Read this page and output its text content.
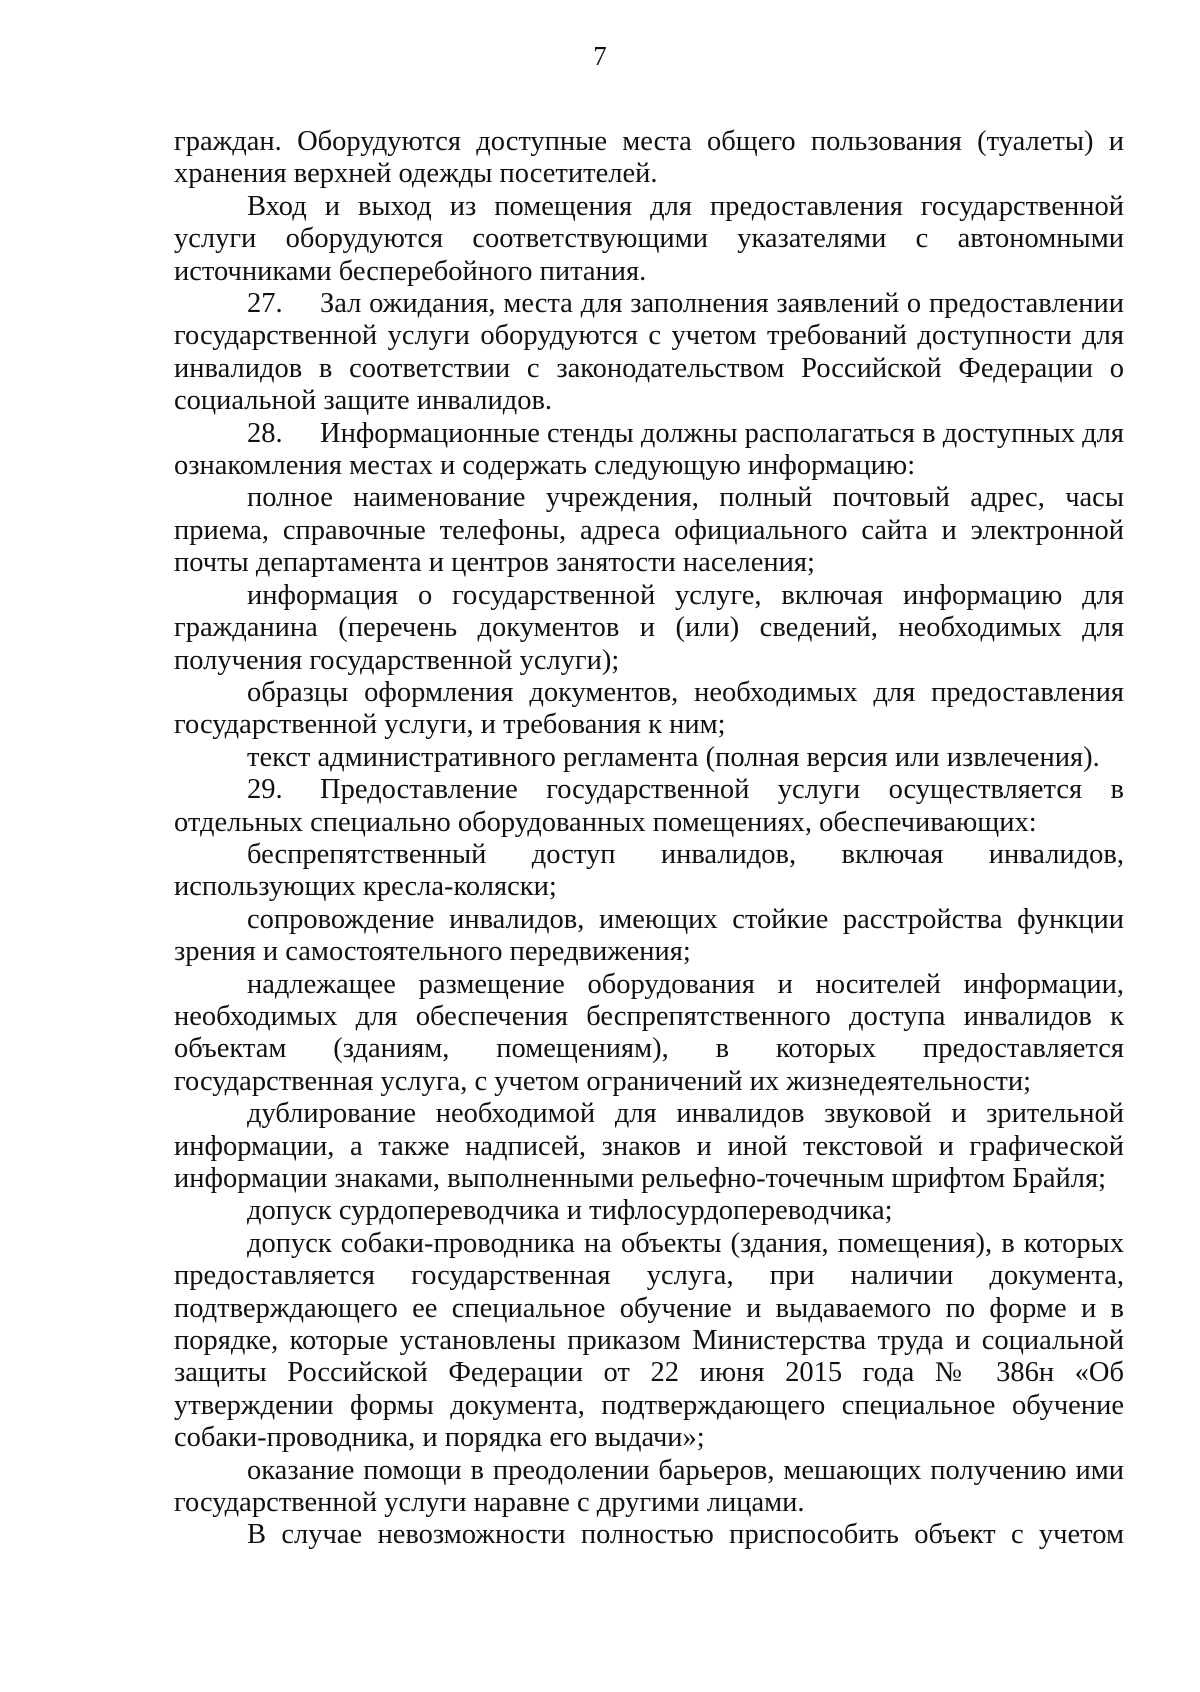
7

граждан. Оборудуются доступные места общего пользования (туалеты) и хранения верхней одежды посетителей.

Вход и выход из помещения для предоставления государственной услуги оборудуются соответствующими указателями с автономными источниками бесперебойного питания.

27. Зал ожидания, места для заполнения заявлений о предоставлении государственной услуги оборудуются с учетом требований доступности для инвалидов в соответствии с законодательством Российской Федерации о социальной защите инвалидов.

28. Информационные стенды должны располагаться в доступных для ознакомления местах и содержать следующую информацию:

полное наименование учреждения, полный почтовый адрес, часы приема, справочные телефоны, адреса официального сайта и электронной почты департамента и центров занятости населения;

информация о государственной услуге, включая информацию для гражданина (перечень документов и (или) сведений, необходимых для получения государственной услуги);

образцы оформления документов, необходимых для предоставления государственной услуги, и требования к ним;

текст административного регламента (полная версия или извлечения).

29. Предоставление государственной услуги осуществляется в отдельных специально оборудованных помещениях, обеспечивающих:

беспрепятственный доступ инвалидов, включая инвалидов, использующих кресла-коляски;

сопровождение инвалидов, имеющих стойкие расстройства функции зрения и самостоятельного передвижения;

надлежащее размещение оборудования и носителей информации, необходимых для обеспечения беспрепятственного доступа инвалидов к объектам (зданиям, помещениям), в которых предоставляется государственная услуга, с учетом ограничений их жизнедеятельности;

дублирование необходимой для инвалидов звуковой и зрительной информации, а также надписей, знаков и иной текстовой и графической информации знаками, выполненными рельефно-точечным шрифтом Брайля;

допуск сурдопереводчика и тифлосурдопереводчика;

допуск собаки-проводника на объекты (здания, помещения), в которых предоставляется государственная услуга, при наличии документа, подтверждающего ее специальное обучение и выдаваемого по форме и в порядке, которые установлены приказом Министерства труда и социальной защиты Российской Федерации от 22 июня 2015 года № 386н «Об утверждении формы документа, подтверждающего специальное обучение собаки-проводника, и порядка его выдачи»;

оказание помощи в преодолении барьеров, мешающих получению ими государственной услуги наравне с другими лицами.

В случае невозможности полностью приспособить объект с учетом
